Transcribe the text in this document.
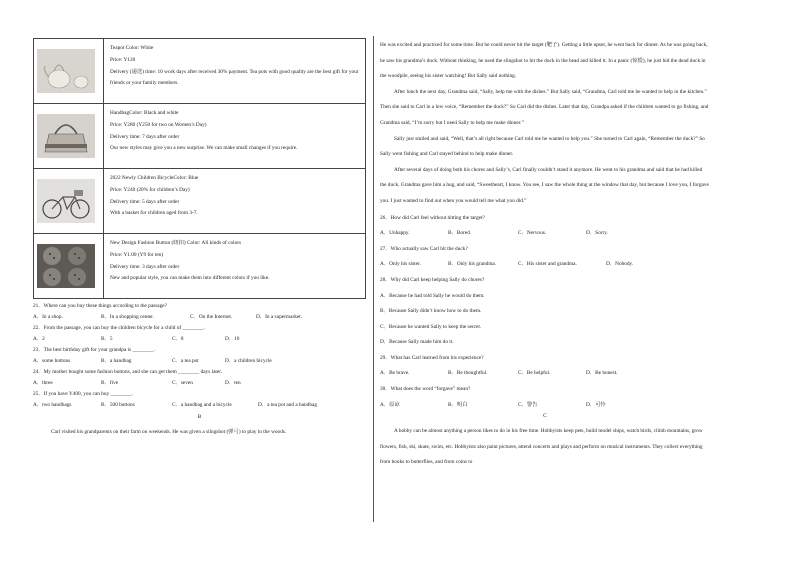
Teapot Color: White
Price: Y120
Delivery (递送) time: 10 work days after received 30% payment. Tea pots with good quality are the best gift for your friends or your family members.

HandbagColor: Black and white
Price: Y280 (Y250 for two on Women’s Day)
Delivery time: 7 days after order
Our new styles may give you a new surprise. We can make small changes if you require.

2022 Newly Children BicycleColor: Blue
Price: Y240 (20% for children’s Day)
Delivery time: 5 days after order
With a basket for children aged from 3-7.

New Design Fashion Button (纽扣) Color: All kinds of colors
Price: Y1.00 (Y9 for ten)
Delivery time: 3 days after order
New and popular style, you can make them into different colors if you like.
21．Where can you buy these things according to the passage?
A．In a shop.	B．In a shopping center.	C．On the Internet.	D．In a supermarket.
22．From the passage, you can buy the children bicycle for a child of ________.
A．2	B．5	C．8	D．10
23．The best birthday gift for your grandpa is ________.
A．some buttons	B．a handbag	C．a tea pot	D．a children bicycle
24．My mother bought some fashion buttons, and she can get them ________ days later.
A．three	B．five	C．seven	D．ten
25．If you have Y400, you can buy ________.
A．two handbags	B．500 buttons	C．a handbag and a bicycle	D．a tea pot and a handbag
B
Carl visited his grandparents on their farm on weekends. He was given a slingshot (弹弓) to play in the woods.

He was excited and practiced for some time. But he could never hit the target (靶子). Getting a little upset, he went back for dinner. As he was going back, he saw his grandma’s duck. Without thinking, he used the slingshot to hit the duck in the head and killed it. In a panic (惊慌), he just hid the dead duck in the woodpile, seeing his sister watching! But Sally said nothing.

After lunch the next day, Grandma said, “Sally, help me with the dishes.” But Sally said, “Grandma, Carl told me he wanted to help in the kitchen.” Then she said to Carl in a low voice, “Remember the duck?” So Carl did the dishes. Later that day, Grandpa asked if the children wanted to go fishing, and Grandma said, “I’m sorry but I need Sally to help me make dinner.”

Sally just smiled and said, “Well, that’s all right because Carl told me he wanted to help you.” She turned to Carl again, “Remember the duck?” So Sally went fishing and Carl stayed behind to help make dinner.

After several days of doing both his chores and Sally’s, Carl finally couldn’t stand it anymore. He went to his grandma and said that he had killed the duck. Grandma gave him a hug, and said, “Sweetheart, I know. You see, I saw the whole thing at the window that day, but because I love you, I forgave you. I just wanted to find out when you would tell me what you did.”

26．How did Carl feel without hitting the target?
A．Unhappy.	B．Bored.	C．Nervous.	D．Sorry.
27．Who actually saw Carl hit the duck?
A．Only his sister.	B．Only his grandma.	C．His sister and grandma.	D．Nobody.
28．Why did Carl keep helping Sally do chores?
A．Because he had told Sally he would do them.
B．Because Sally didn’t know how to do them.
C．Because he wanted Sally to keep the secret.
D．Because Sally made him do it.
29．What has Carl learned from his experience?
A．Be brave.	B．Be thoughtful.	C．Be helpful.	D．Be honest.
30．What does the word “forgave” mean?
A．原谅	B．明白	C．警告	D．可怜
C

A hobby can be almost anything a person likes to do in his free time. Hobbyists keep pets, build model ships, watch birds, climb mountains, grow flowers, fish, ski, skate, swim, etc. Hobbyists also paint pictures, attend concerts and plays and perform on musical instruments. They collect everything from books to butterflies, and from coins to
